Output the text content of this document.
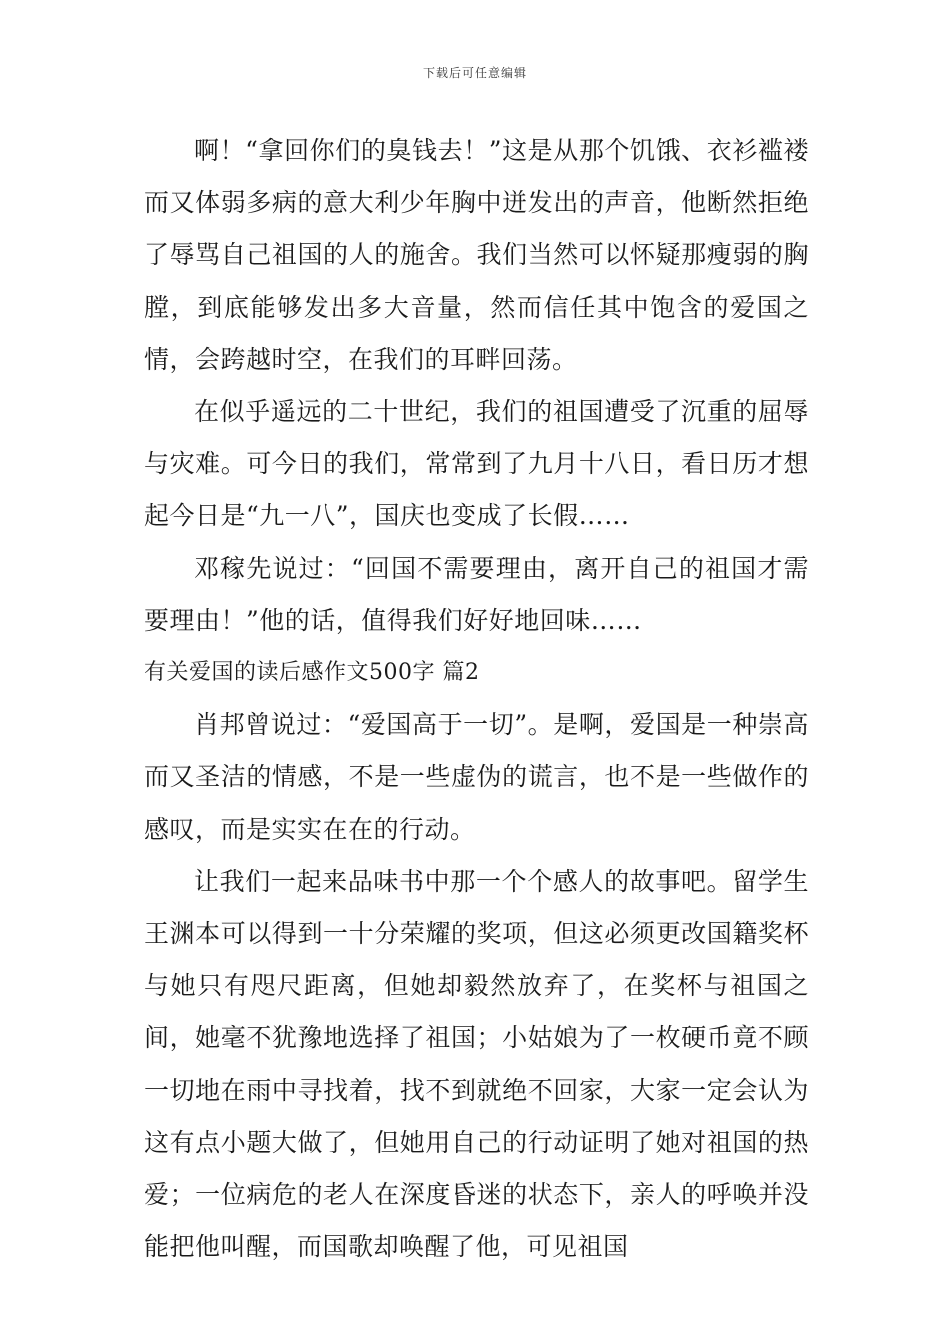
下载后可任意编辑

啊！“拿回你们的臭钱去！”这是从那个饥饿、衣衫褴褛而又体弱多病的意大利少年胸中迸发出的声音，他断然拒绝了辱骂自己祖国的人的施舍。我们当然可以怀疑那瘦弱的胸膛，到底能够发出多大音量，然而信任其中饱含的爱国之情，会跨越时空，在我们的耳畔回荡。

在似乎遥远的二十世纪，我们的祖国遭受了沉重的屈辱与灾难。可今日的我们，常常到了九月十八日，看日历才想起今日是“九一八”，国庆也变成了长假……

邓稼先说过：“回国不需要理由，离开自己的祖国才需要理由！”他的话，值得我们好好地回味……

有关爱国的读后感作文500字 篇2

肖邦曾说过：“爱国高于一切”。是啊，爱国是一种崇高而又圣洁的情感，不是一些虚伪的谎言，也不是一些做作的感叹，而是实实在在的行动。

让我们一起来品味书中那一个个感人的故事吧。留学生王渊本可以得到一十分荣耀的奖项，但这必须更改国籍奖杯与她只有咫尺距离，但她却毅然放弃了，在奖杯与祖国之间，她毫不犹豫地选择了祖国；小姑娘为了一枚硬币竟不顾一切地在雨中寻找着，找不到就绝不回家，大家一定会认为这有点小题大做了，但她用自己的行动证明了她对祖国的热爱；一位病危的老人在深度昏迷的状态下，亲人的呼唤并没能把他叫醒，而国歌却唤醒了他，可见祖国
